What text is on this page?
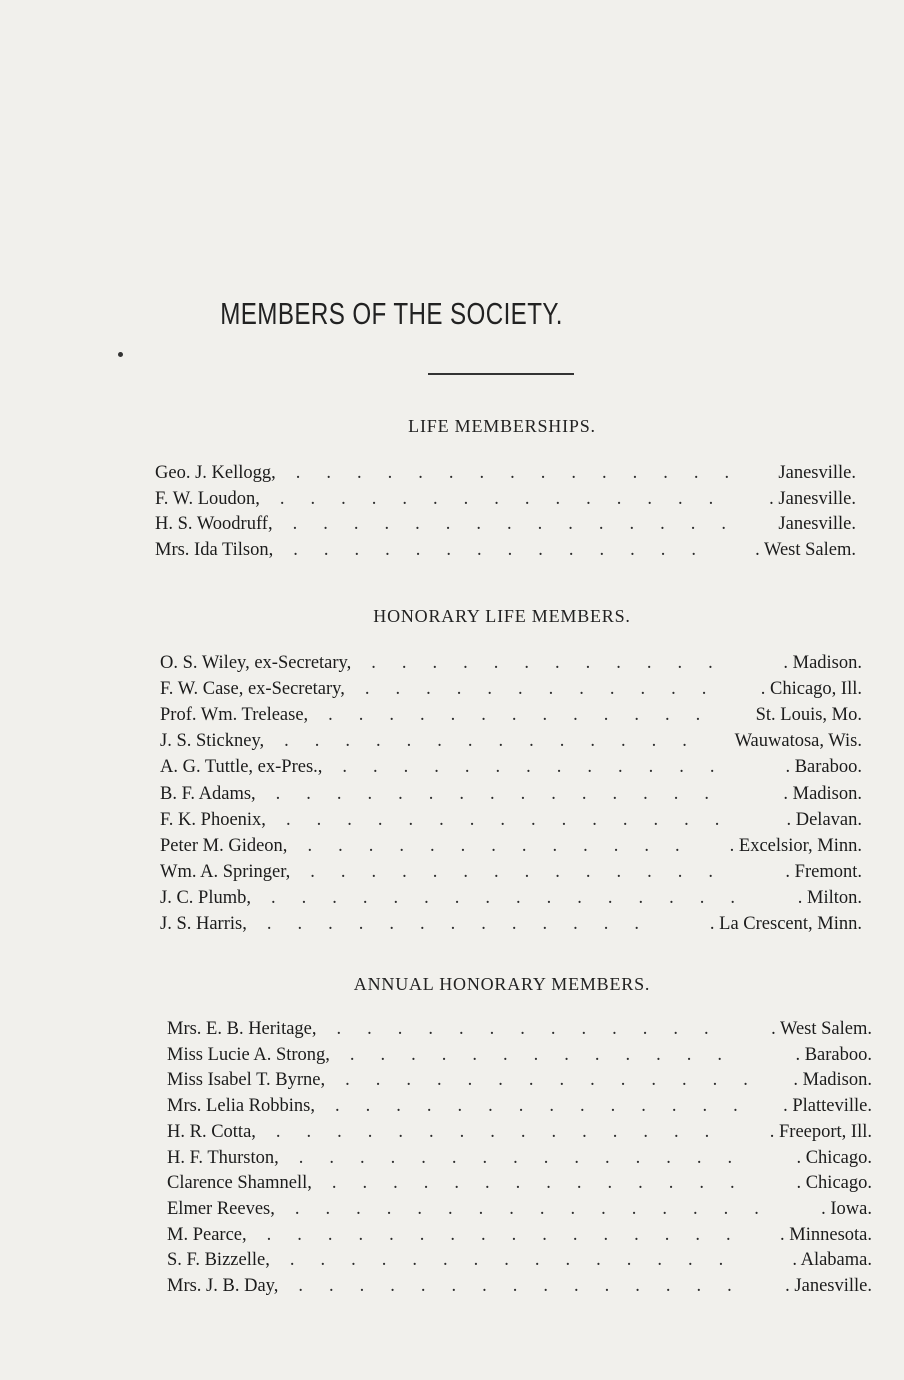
MEMBERS OF THE SOCIETY.
LIFE MEMBERSHIPS.
HONORARY LIFE MEMBERS.
ANNUAL HONORARY MEMBERS.
Geo. J. Kellogg, ............... Janesville.
F. W. Loudon, ............... . Janesville.
H. S. Woodruff, ............... Janesville.
Mrs. Ida Tilson, .............. . West Salem.
O. S. Wiley, ex-Secretary, ............ . Madison.
F. W. Case, ex-Secretary, ............ . Chicago, Ill.
Prof. Wm. Trelease, ............. St. Louis, Mo.
J. S. Stickney, .............. Wauwatosa, Wis.
A. G. Tuttle, ex-Pres., ............. . Baraboo.
B. F. Adams, ...............	. Madison.
F. K. Phoenix, ............... . Delavan.
Peter M. Gideon, ............. . Excelsior, Minn.
Wm. A. Springer, ..............	. Fremont.
J. C. Plumb, ................ . Milton.
J. S. Harris, ............. . La Crescent, Minn.
Mrs. E. B. Heritage, ............. . West Salem.
Miss Lucie A. Strong, .............	. Baraboo.
Miss Isabel T. Byrne, .............. . Madison.
Mrs. Lelia Robbins, .............. . Platteville.
H. R. Cotta, ............... . Freeport, Ill.
H. F. Thurston, ............... . Chicago.
Clarence Shamnell, .............. . Chicago.
Elmer Reeves, ................ . Iowa.
M. Pearce, ................ . Minnesota.
S. F. Bizzelle, ............... . Alabama.
Mrs. J. B. Day, ............... . Janesville.
